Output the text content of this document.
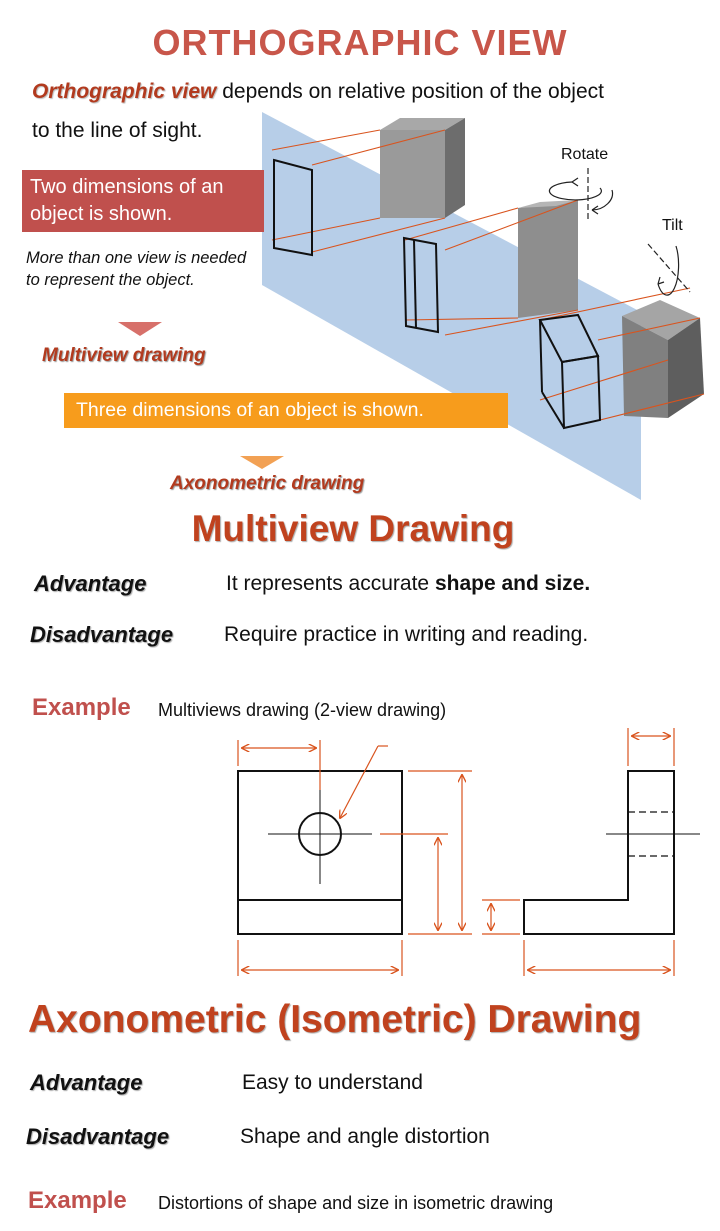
Rotate
Tilt
ORTHOGRAPHIC VIEW
Orthographic view depends on relative position of the object
to the line of sight.
Two dimensions of an
object is shown.
More than one view is needed
to represent the object.
Multiview drawing
Three dimensions of an object is shown.
Axonometric drawing
Multiview Drawing
Advantage	It represents accurate shape and size.
Disadvantage Require practice in writing and reading.
Example Multiviews drawing (2-view drawing)
Axonometric (Isometric) Drawing
Advantage	Easy to understand
Disadvantage	Shape and angle distortion
Example Distortions of shape and size in isometric drawing
